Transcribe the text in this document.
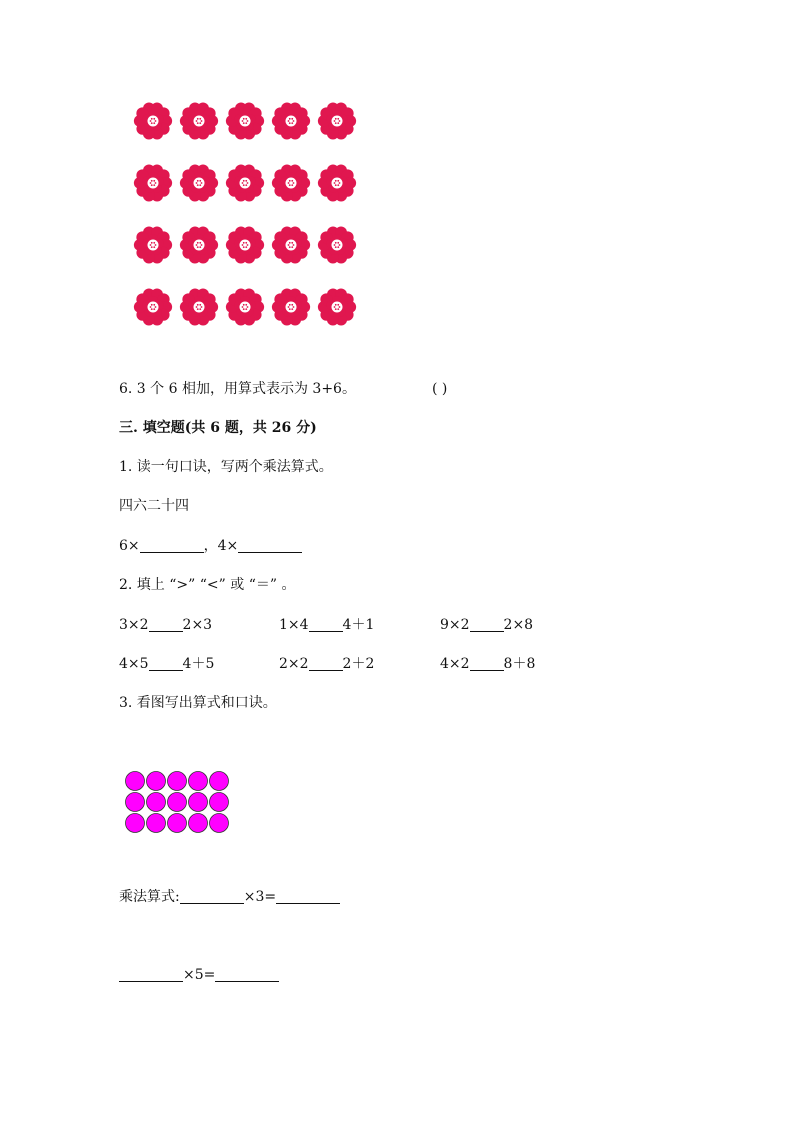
6. 3 个 6 相加，用算式表示为 3+6。	( )
三. 填空题(共 6 题，共 26 分)
1. 读一句口诀，写两个乘法算式。
四六二十四
6×	，4×
2. 填上 “>” “<” 或 “＝” 。
3×2 2×3	1×4 4＋1	9×2 2×8
4×5 4＋5	2×2 2＋2	4×2 8＋8
3. 看图写出算式和口诀。
乘法算式:	×3=
×5=
